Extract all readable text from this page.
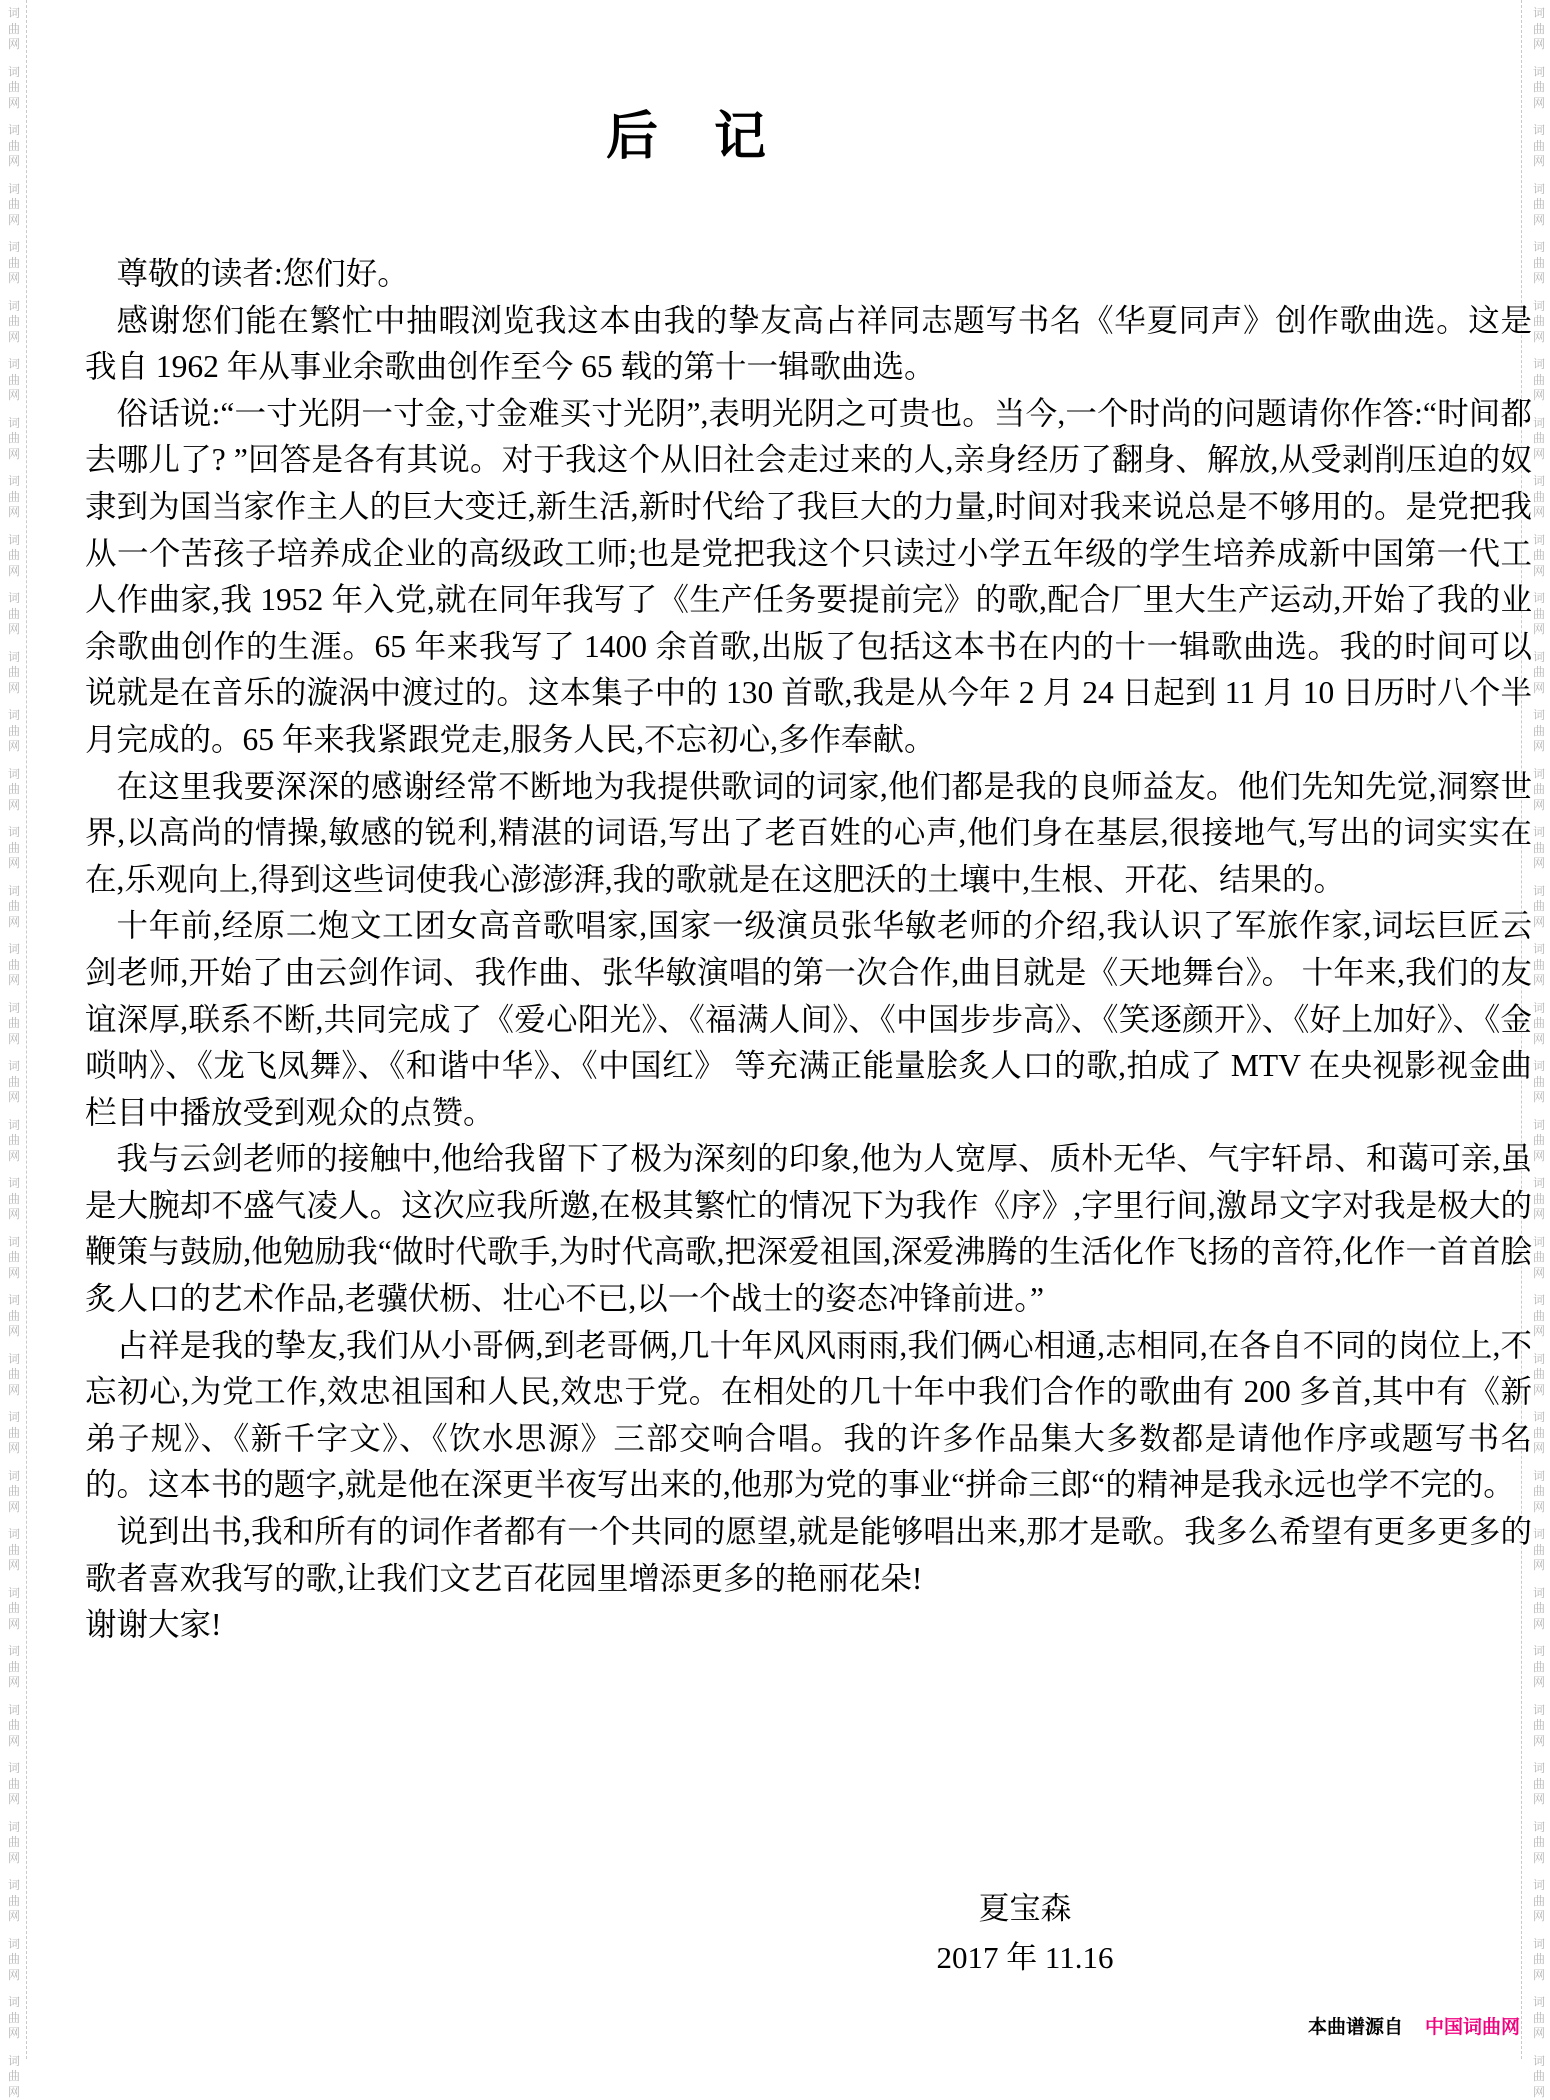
词
曲
网
词
曲
网
词
曲
网
词
曲
网
词
曲
网
词
曲
网
词
曲
网
词
曲
网
词
曲
网
词
曲
网
词
曲
网
词
曲
网
词
曲
网
词
曲
网
词
曲
网
词
曲
网
词
曲
网
词
曲
网
词
曲
网
词
曲
网
词
曲
网
词
曲
网
词
曲
网
词
曲
网
词
曲
网
词
曲
网
词
曲
网
词
曲
网
词
曲
网
词
曲
网
词
曲
网
词
曲
网
词
曲
网
词
曲
网
词
曲
网
词
曲
网
词
曲
网
词
曲
网
词
曲
网
词
曲
网
词
曲
网
词
曲
网
词
曲
网
词
曲
网
词
曲
网
词
曲
网
词
曲
网
词
曲
网
词
曲
网
词
曲
网
词
曲
网
词
曲
网
词
曲
网
词
曲
网
词
曲
网
词
曲
网
词
曲
网
词
曲
网
词
曲
网
词
曲
网
词
曲
网
词
曲
网
词
曲
网
词
曲
网
词
曲
网
词
曲
网
词
曲
网
词
曲
网
词
曲
网
词
曲
网
词
曲
网
词
曲
网
后　记

尊敬的读者:您们好。

感谢您们能在繁忙中抽暇浏览我这本由我的挚友高占祥同志题写书名《华夏同声》创作歌曲选。这是我自 1962 年从事业余歌曲创作至今 65 载的第十一辑歌曲选。

俗话说:“一寸光阴一寸金,寸金难买寸光阴”,表明光阴之可贵也。当今,一个时尚的问题请你作答:“时间都去哪儿了? ”回答是各有其说。对于我这个从旧社会走过来的人,亲身经历了翻身、解放,从受剥削压迫的奴隶到为国当家作主人的巨大变迁,新生活,新时代给了我巨大的力量,时间对我来说总是不够用的。是党把我从一个苦孩子培养成企业的高级政工师;也是党把我这个只读过小学五年级的学生培养成新中国第一代工人作曲家,我 1952 年入党,就在同年我写了《生产任务要提前完》的歌,配合厂里大生产运动,开始了我的业余歌曲创作的生涯。65 年来我写了 1400 余首歌,出版了包括这本书在内的十一辑歌曲选。我的时间可以说就是在音乐的漩涡中渡过的。这本集子中的 130 首歌,我是从今年 2 月 24 日起到 11 月 10 日历时八个半月完成的。65 年来我紧跟党走,服务人民,不忘初心,多作奉献。

在这里我要深深的感谢经常不断地为我提供歌词的词家,他们都是我的良师益友。他们先知先觉,洞察世界,以高尚的情操,敏感的锐利,精湛的词语,写出了老百姓的心声,他们身在基层,很接地气,写出的词实实在在,乐观向上,得到这些词使我心澎澎湃,我的歌就是在这肥沃的土壤中,生根、开花、结果的。

十年前,经原二炮文工团女高音歌唱家,国家一级演员张华敏老师的介绍,我认识了军旅作家,词坛巨匠云剑老师,开始了由云剑作词、我作曲、张华敏演唱的第一次合作,曲目就是《天地舞台》。 十年来,我们的友谊深厚,联系不断,共同完成了《爱心阳光》、《福满人间》、《中国步步高》、《笑逐颜开》、《好上加好》、《金唢呐》、《龙飞凤舞》、《和谐中华》、《中国红》 等充满正能量脍炙人口的歌,拍成了 MTV 在央视影视金曲栏目中播放受到观众的点赞。

我与云剑老师的接触中,他给我留下了极为深刻的印象,他为人宽厚、质朴无华、气宇轩昂、和蔼可亲,虽是大腕却不盛气凌人。这次应我所邀,在极其繁忙的情况下为我作《序》,字里行间,激昂文字对我是极大的鞭策与鼓励,他勉励我“做时代歌手,为时代高歌,把深爱祖国,深爱沸腾的生活化作飞扬的音符,化作一首首脍炙人口的艺术作品,老骥伏枥、壮心不已,以一个战士的姿态冲锋前进。”

占祥是我的挚友,我们从小哥俩,到老哥俩,几十年风风雨雨,我们俩心相通,志相同,在各自不同的岗位上,不忘初心,为党工作,效忠祖国和人民,效忠于党。在相处的几十年中我们合作的歌曲有 200 多首,其中有《新弟子规》、《新千字文》、《饮水思源》三部交响合唱。我的许多作品集大多数都是请他作序或题写书名的。这本书的题字,就是他在深更半夜写出来的,他那为党的事业“拼命三郎“的精神是我永远也学不完的。

说到出书,我和所有的词作者都有一个共同的愿望,就是能够唱出来,那才是歌。我多么希望有更多更多的歌者喜欢我写的歌,让我们文艺百花园里增添更多的艳丽花朵!

谢谢大家!

夏宝森
2017 年 11.16
本曲谱源自 中国词曲网
